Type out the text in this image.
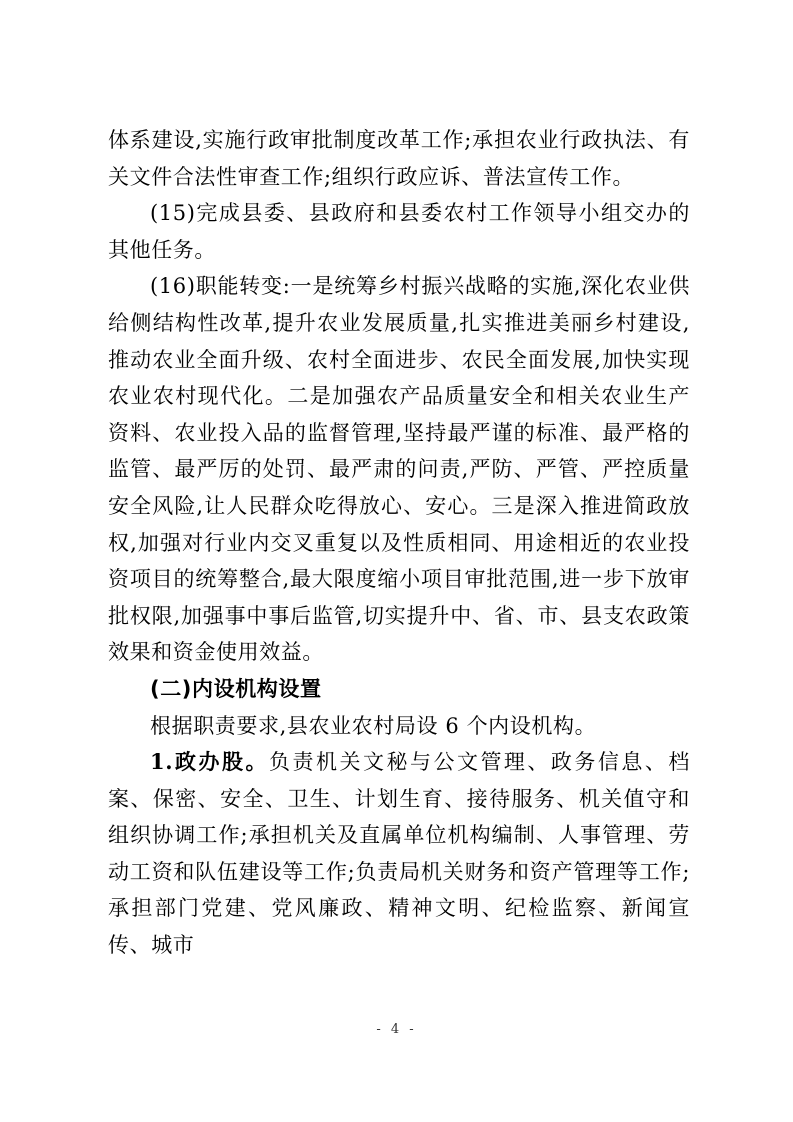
体系建设,实施行政审批制度改革工作;承担农业行政执法、有关文件合法性审查工作;组织行政应诉、普法宣传工作。

(15)完成县委、县政府和县委农村工作领导小组交办的其他任务。

(16)职能转变:一是统筹乡村振兴战略的实施,深化农业供给侧结构性改革,提升农业发展质量,扎实推进美丽乡村建设,推动农业全面升级、农村全面进步、农民全面发展,加快实现农业农村现代化。二是加强农产品质量安全和相关农业生产资料、农业投入品的监督管理,坚持最严谨的标准、最严格的监管、最严厉的处罚、最严肃的问责,严防、严管、严控质量安全风险,让人民群众吃得放心、安心。三是深入推进简政放权,加强对行业内交叉重复以及性质相同、用途相近的农业投资项目的统筹整合,最大限度缩小项目审批范围,进一步下放审批权限,加强事中事后监管,切实提升中、省、市、县支农政策效果和资金使用效益。

(二)内设机构设置

根据职责要求,县农业农村局设 6 个内设机构。

1.政办股。负责机关文秘与公文管理、政务信息、档案、保密、安全、卫生、计划生育、接待服务、机关值守和组织协调工作;承担机关及直属单位机构编制、人事管理、劳动工资和队伍建设等工作;负责局机关财务和资产管理等工作;承担部门党建、党风廉政、精神文明、纪检监察、新闻宣传、城市

- 4 -
